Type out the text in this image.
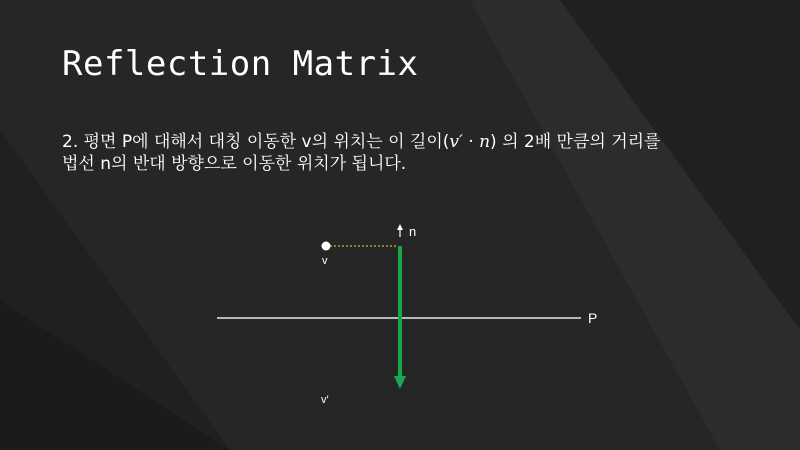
Reflection Matrix
2. 평면 P에 대해서 대칭 이동한 v의 위치는 이 길이(v′ · n) 의 2배 만큼의 거리를
법선 n의 반대 방향으로 이동한 위치가 됩니다.
n
P
v
v′
